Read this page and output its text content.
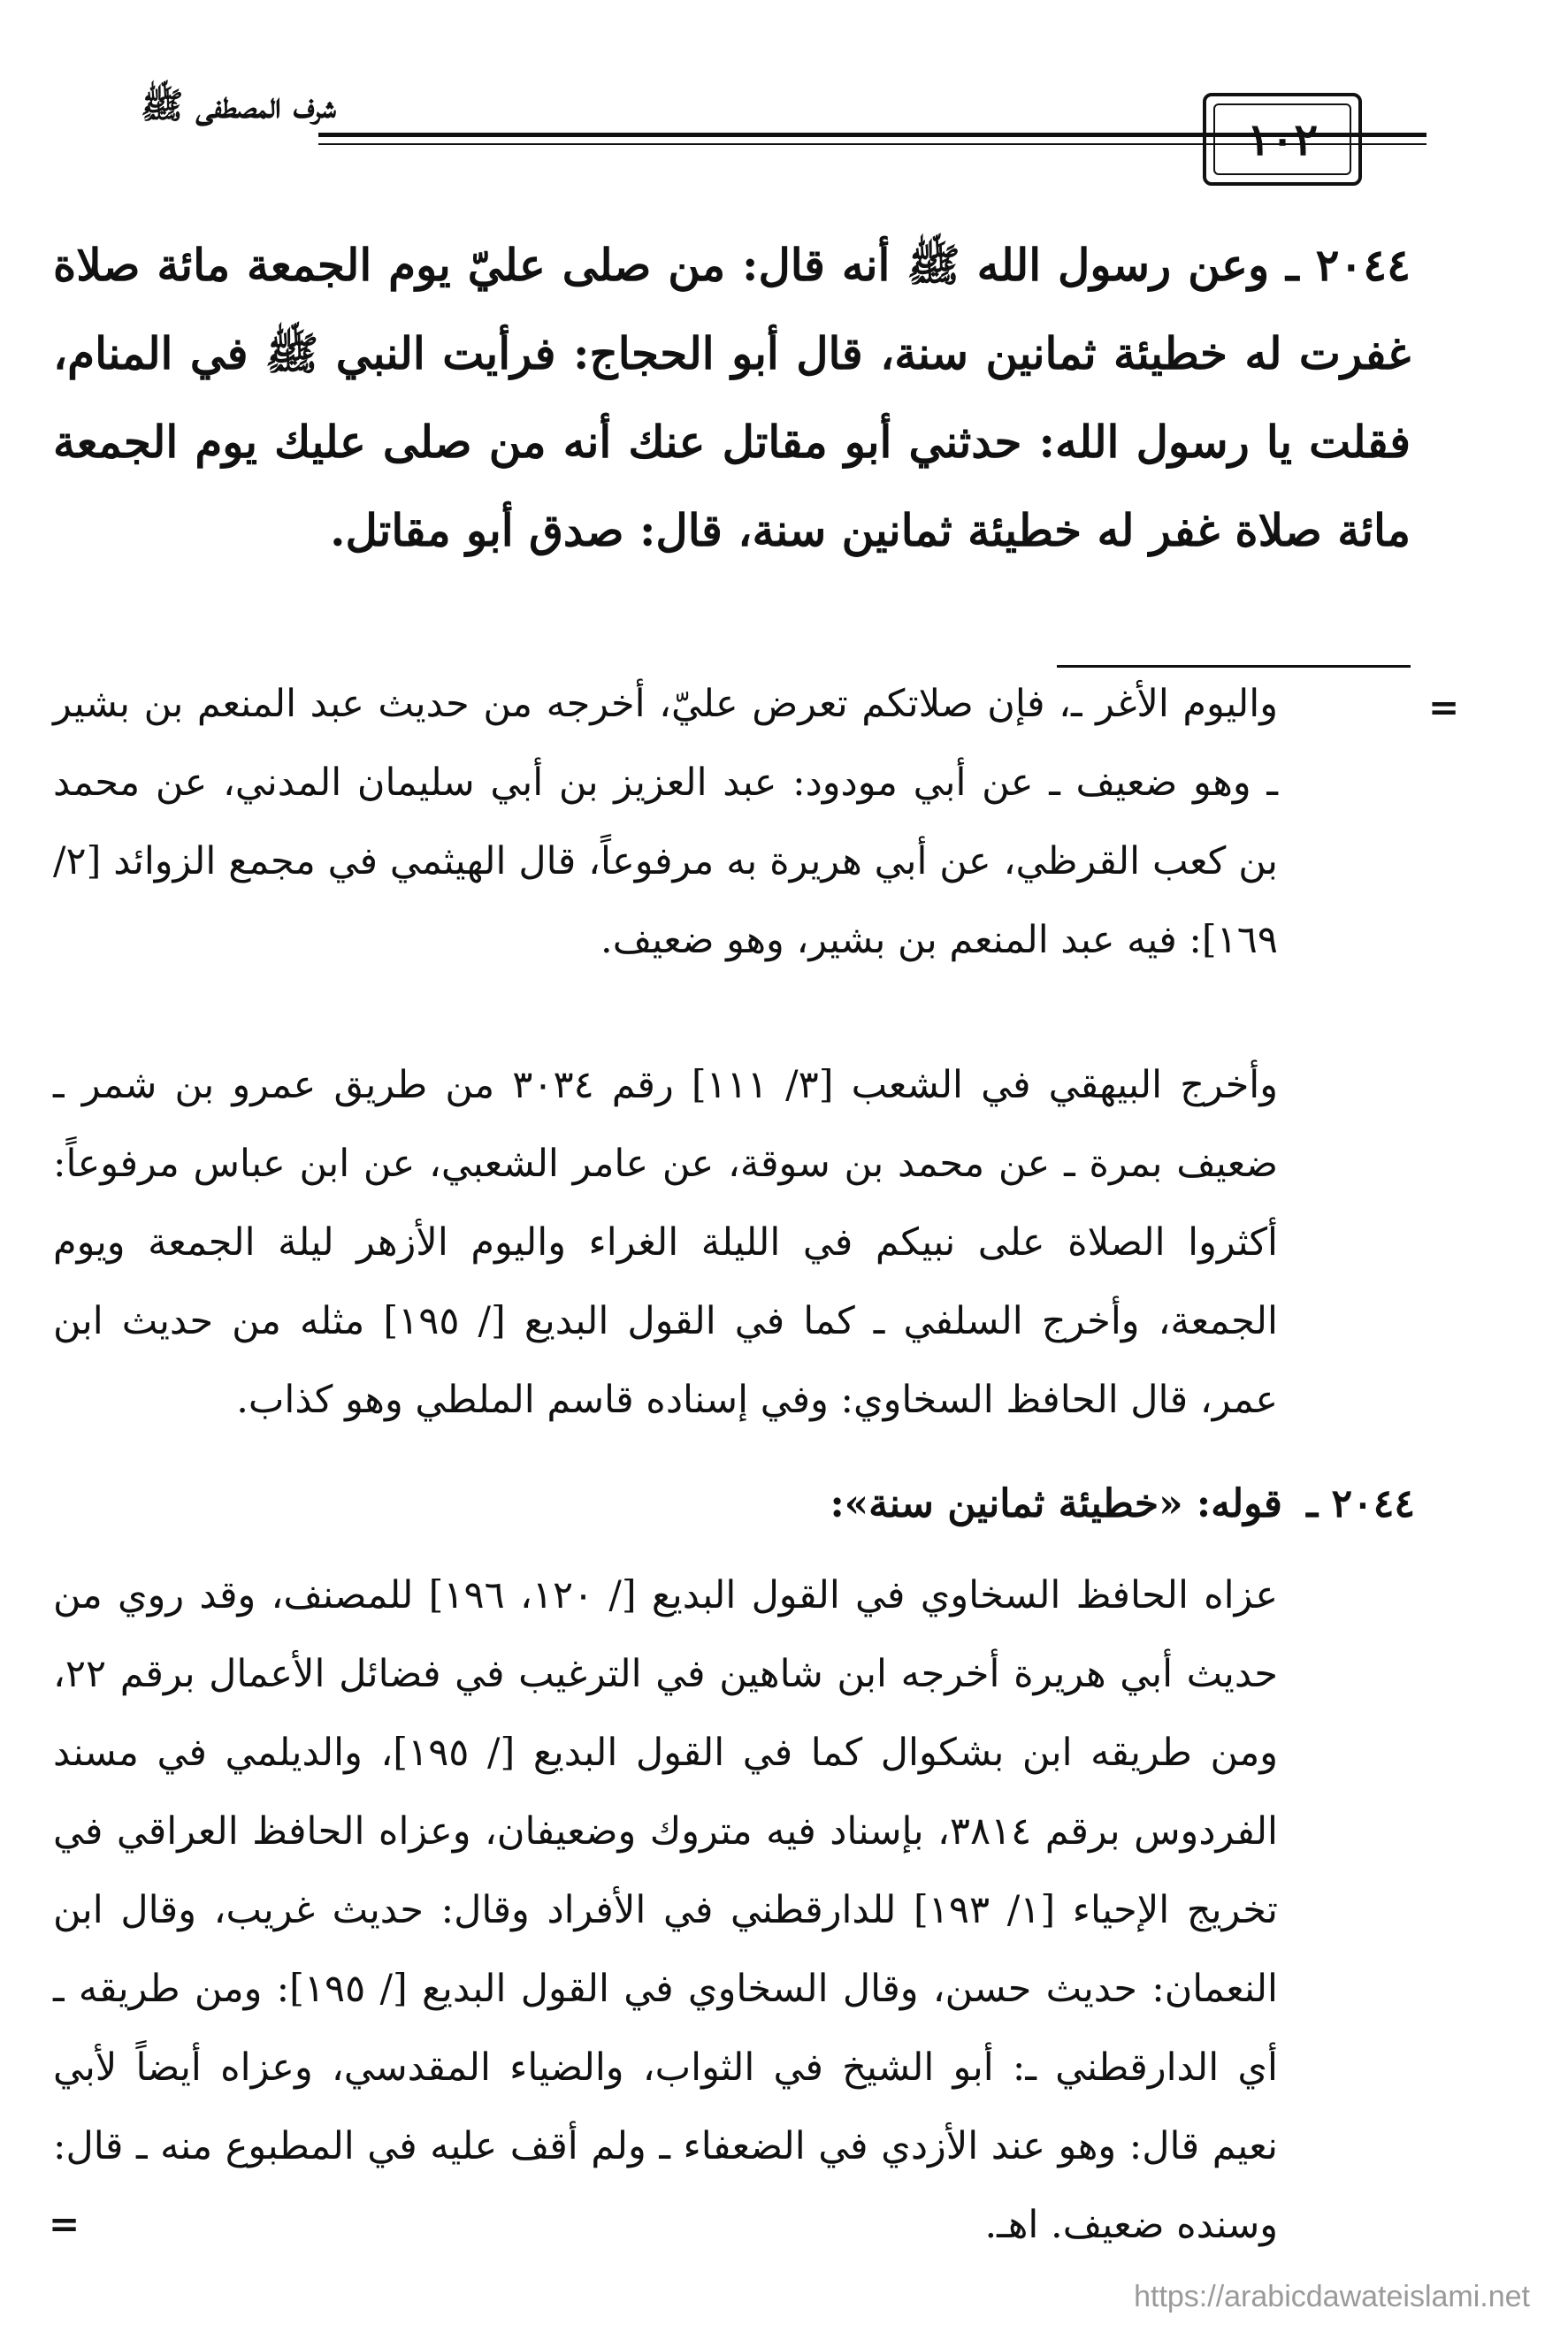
شرف المصطفى ﷺ
١٠٢
٢٠٤٤ ـ وعن رسول الله ﷺ أنه قال: من صلى عليّ يوم الجمعة مائة صلاة غفرت له خطيئة ثمانين سنة، قال أبو الحجاج: فرأيت النبي ﷺ في المنام، فقلت يا رسول الله: حدثني أبو مقاتل عنك أنه من صلى عليك يوم الجمعة مائة صلاة غفر له خطيئة ثمانين سنة، قال: صدق أبو مقاتل.
=
واليوم الأغر ـ، فإن صلاتكم تعرض عليّ، أخرجه من حديث عبد المنعم بن بشير ـ وهو ضعيف ـ عن أبي مودود: عبد العزيز بن أبي سليمان المدني، عن محمد بن كعب القرظي، عن أبي هريرة به مرفوعاً، قال الهيثمي في مجمع الزوائد [٢/ ١٦٩]: فيه عبد المنعم بن بشير، وهو ضعيف.
وأخرج البيهقي في الشعب [٣/ ١١١] رقم ٣٠٣٤ من طريق عمرو بن شمر ـ ضعيف بمرة ـ عن محمد بن سوقة، عن عامر الشعبي، عن ابن عباس مرفوعاً: أكثروا الصلاة على نبيكم في الليلة الغراء واليوم الأزهر ليلة الجمعة ويوم الجمعة، وأخرج السلفي ـ كما في القول البديع [/ ١٩٥] مثله من حديث ابن عمر، قال الحافظ السخاوي: وفي إسناده قاسم الملطي وهو كذاب.
٢٠٤٤ ـ قوله: «خطيئة ثمانين سنة»:
عزاه الحافظ السخاوي في القول البديع [/ ١٢٠، ١٩٦] للمصنف، وقد روي من حديث أبي هريرة أخرجه ابن شاهين في الترغيب في فضائل الأعمال برقم ٢٢، ومن طريقه ابن بشكوال كما في القول البديع [/ ١٩٥]، والديلمي في مسند الفردوس برقم ٣٨١٤، بإسناد فيه متروك وضعيفان، وعزاه الحافظ العراقي في تخريج الإحياء [١/ ١٩٣] للدارقطني في الأفراد وقال: حديث غريب، وقال ابن النعمان: حديث حسن، وقال السخاوي في القول البديع [/ ١٩٥]: ومن طريقه ـ أي الدارقطني ـ: أبو الشيخ في الثواب، والضياء المقدسي، وعزاه أيضاً لأبي نعيم قال: وهو عند الأزدي في الضعفاء ـ ولم أقف عليه في المطبوع منه ـ قال: وسنده ضعيف. اهـ.
=
https://arabicdawateislami.net
